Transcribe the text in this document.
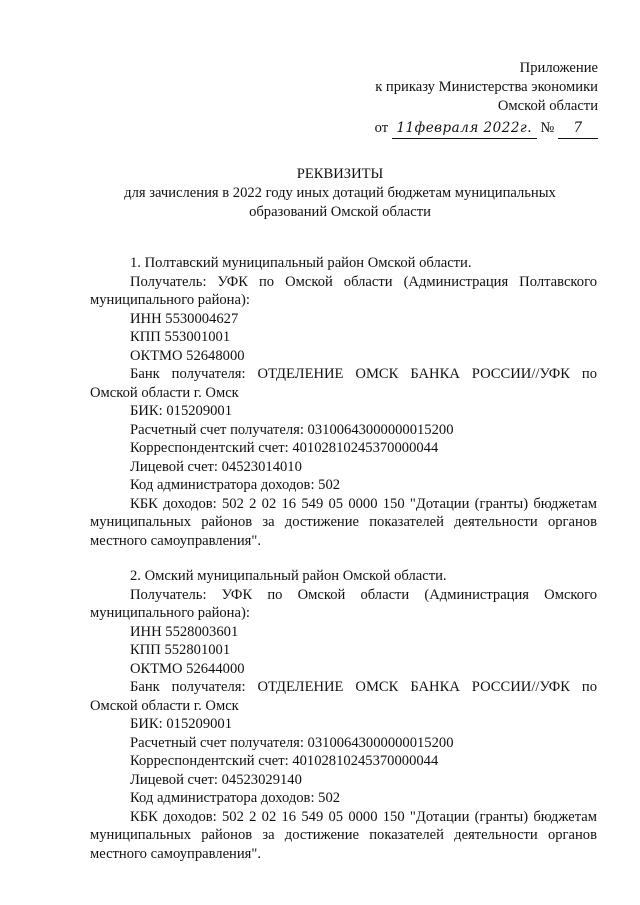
Приложение
к приказу Министерства экономики
Омской области
от 11февраля 2022г. № 7
РЕКВИЗИТЫ
для зачисления в 2022 году иных дотаций бюджетам муниципальных
образований Омской области
1. Полтавский муниципальный район Омской области.
Получатель: УФК по Омской области (Администрация Полтавского
муниципального района):
ИНН 5530004627
КПП 553001001
ОКТМО 52648000
Банк получателя: ОТДЕЛЕНИЕ ОМСК БАНКА РОССИИ//УФК по
Омской области г. Омск
БИК: 015209001
Расчетный счет получателя: 03100643000000015200
Корреспондентский счет: 40102810245370000044
Лицевой счет: 04523014010
Код администратора доходов: 502
КБК доходов: 502 2 02 16 549 05 0000 150 "Дотации (гранты) бюджетам
муниципальных районов за достижение показателей деятельности органов
местного самоуправления".
2. Омский муниципальный район Омской области.
Получатель: УФК по Омской области (Администрация Омского
муниципального района):
ИНН 5528003601
КПП 552801001
ОКТМО 52644000
Банк получателя: ОТДЕЛЕНИЕ ОМСК БАНКА РОССИИ//УФК по
Омской области г. Омск
БИК: 015209001
Расчетный счет получателя: 03100643000000015200
Корреспондентский счет: 40102810245370000044
Лицевой счет: 04523029140
Код администратора доходов: 502
КБК доходов: 502 2 02 16 549 05 0000 150 "Дотации (гранты) бюджетам
муниципальных районов за достижение показателей деятельности органов
местного самоуправления".
